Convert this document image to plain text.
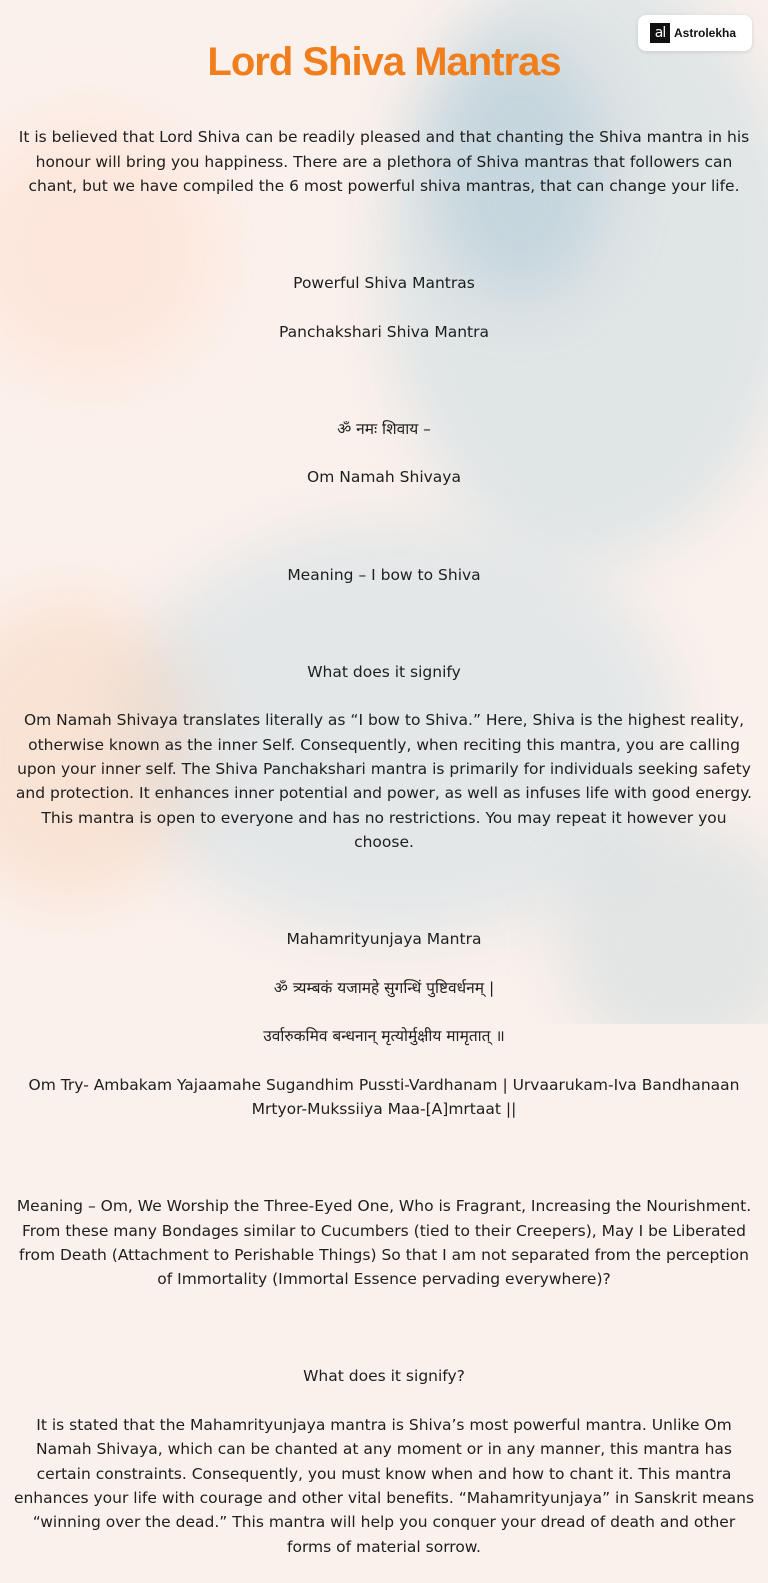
al Astrolekha
Lord Shiva Mantras

It is believed that Lord Shiva can be readily pleased and that chanting the Shiva mantra in his honour will bring you happiness. There are a plethora of Shiva mantras that followers can chant, but we have compiled the 6 most powerful shiva mantras, that can change your life.

Powerful Shiva Mantras

Panchakshari Shiva Mantra

ॐ नमः शिवाय –

Om Namah Shivaya

Meaning – I bow to Shiva

What does it signify

Om Namah Shivaya translates literally as “I bow to Shiva.” Here, Shiva is the highest reality, otherwise known as the inner Self. Consequently, when reciting this mantra, you are calling upon your inner self. The Shiva Panchakshari mantra is primarily for individuals seeking safety and protection. It enhances inner potential and power, as well as infuses life with good energy. This mantra is open to everyone and has no restrictions. You may repeat it however you choose.

Mahamrityunjaya Mantra

ॐ त्र्यम्बकं यजामहे सुगन्धिं पुष्टिवर्धनम् |

उर्वारुकमिव बन्धनान् मृत्योर्मुक्षीय मामृतात् ॥

Om Try- Ambakam Yajaamahe Sugandhim Pussti-Vardhanam | Urvaarukam-Iva Bandhanaan Mrtyor-Mukssiiya Maa-[A]mrtaat ||

Meaning – Om, We Worship the Three-Eyed One, Who is Fragrant, Increasing the Nourishment. From these many Bondages similar to Cucumbers (tied to their Creepers), May I be Liberated from Death (Attachment to Perishable Things) So that I am not separated from the perception of Immortality (Immortal Essence pervading everywhere)?

What does it signify?

It is stated that the Mahamrityunjaya mantra is Shiva’s most powerful mantra. Unlike Om Namah Shivaya, which can be chanted at any moment or in any manner, this mantra has certain constraints. Consequently, you must know when and how to chant it. This mantra enhances your life with courage and other vital benefits. “Mahamrityunjaya” in Sanskrit means “winning over the dead.” This mantra will help you conquer your dread of death and other forms of material sorrow.
